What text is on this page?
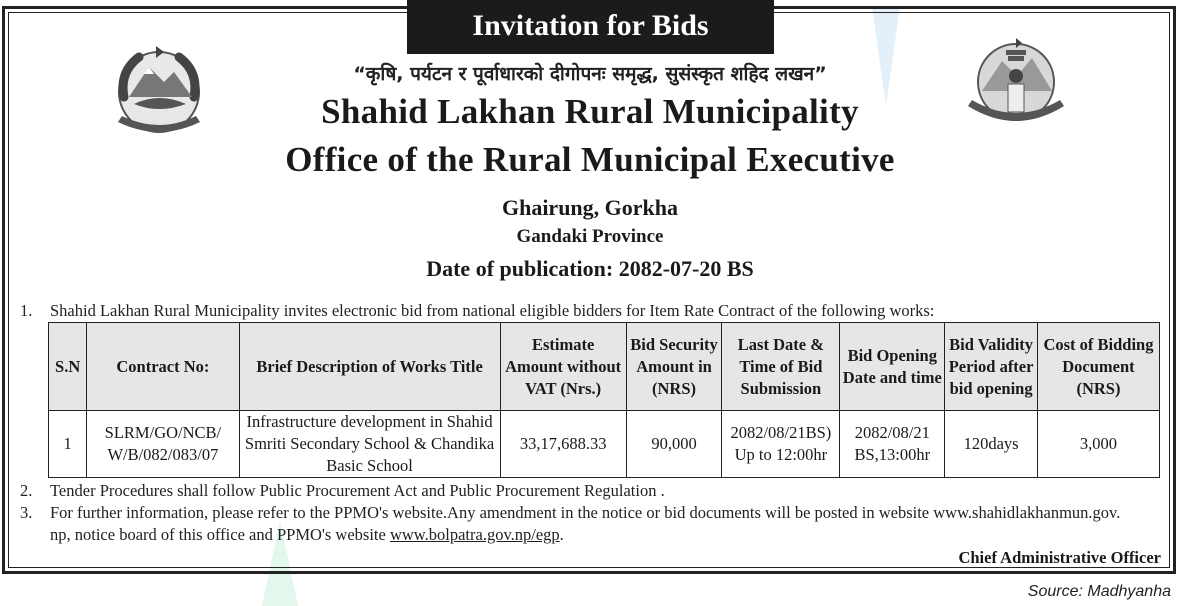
Invitation for Bids
“कृषि, पर्यटन र पूर्वाधारको दीगोपनः समृद्ध, सुसंस्कृत शहिद लखन”
Shahid Lakhan Rural Municipality
Office of the Rural Municipal Executive
Ghairung, Gorkha
Gandaki Province
Date of publication: 2082-07-20 BS
1.	Shahid Lakhan Rural Municipality invites electronic bid from national eligible bidders for Item Rate Contract of the following works:
S.N	Contract No:	Brief Description of Works Title	Estimate Amount without VAT (Nrs.)	Bid Security Amount in (NRS)	Last Date & Time of Bid Submission	Bid Opening Date and time	Bid Validity Period after bid opening	Cost of Bidding Document (NRS)
1	SLRM/GO/NCB/ W/B/082/083/07	Infrastructure development in Shahid Smriti Secondary School & Chandika Basic School	33,17,688.33	90,000	2082/08/21BS) Up to 12:00hr	2082/08/21 BS,13:00hr	120days	3,000
2.	Tender Procedures shall follow Public Procurement Act and Public Procurement Regulation .
3.	For further information, please refer to the PPMO's website.Any amendment in the notice or bid documents will be posted in website www.shahidlakhanmun.gov.
np, notice board of this office and PPMO's website www.bolpatra.gov.np/egp.
Chief Administrative Officer
Source: Madhyanha
